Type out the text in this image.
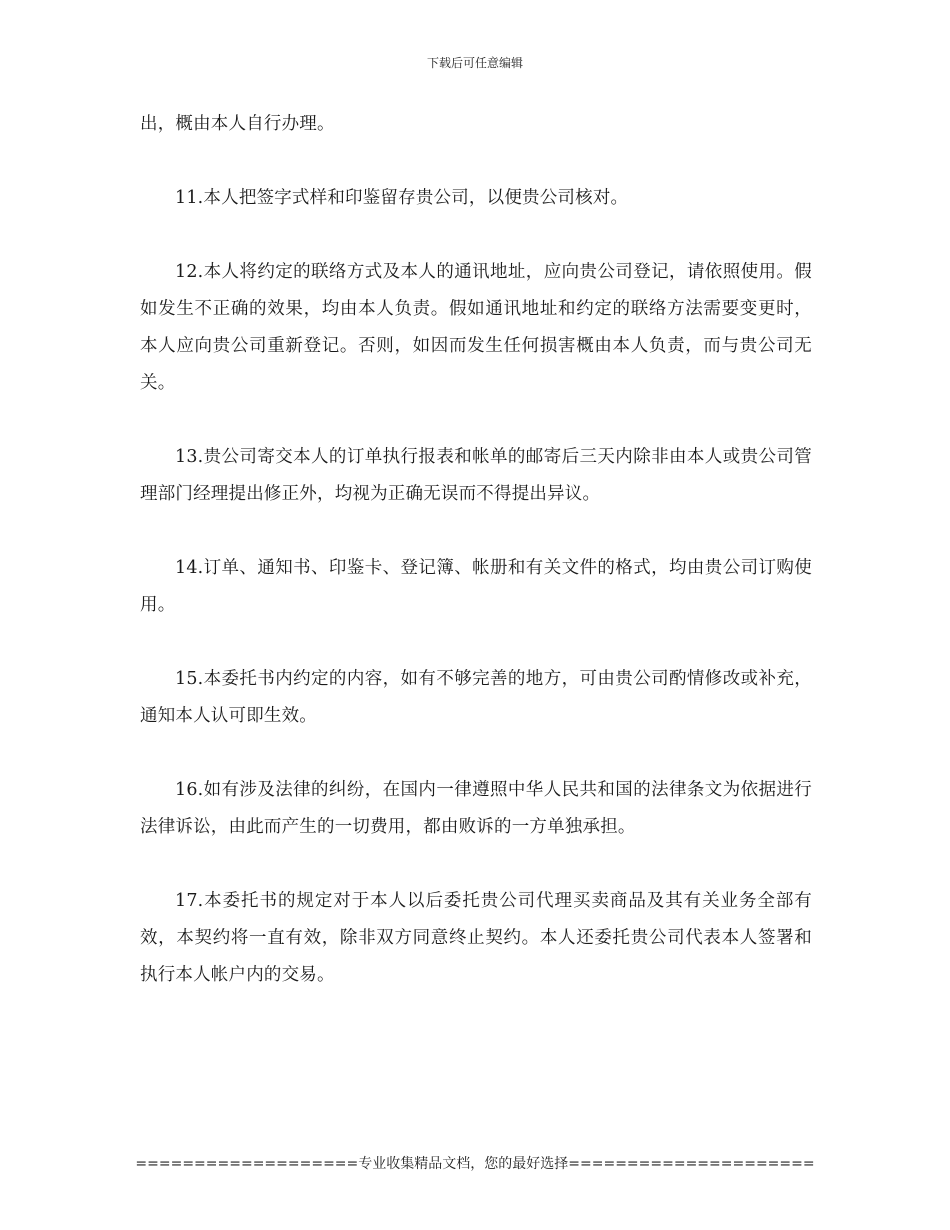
下载后可任意编辑

出，概由本人自行办理。

11.本人把签字式样和印鉴留存贵公司，以便贵公司核对。

12.本人将约定的联络方式及本人的通讯地址，应向贵公司登记，请依照使用。假如发生不正确的效果，均由本人负责。假如通讯地址和约定的联络方法需要变更时，本人应向贵公司重新登记。否则，如因而发生任何损害概由本人负责，而与贵公司无关。

13.贵公司寄交本人的订单执行报表和帐单的邮寄后三天内除非由本人或贵公司管理部门经理提出修正外，均视为正确无误而不得提出异议。

14.订单、通知书、印鉴卡、登记簿、帐册和有关文件的格式，均由贵公司订购使用。

15.本委托书内约定的内容，如有不够完善的地方，可由贵公司酌情修改或补充，通知本人认可即生效。

16.如有涉及法律的纠纷，在国内一律遵照中华人民共和国的法律条文为依据进行法律诉讼，由此而产生的一切费用，都由败诉的一方单独承担。

17.本委托书的规定对于本人以后委托贵公司代理买卖商品及其有关业务全部有效，本契约将一直有效，除非双方同意终止契约。本人还委托贵公司代表本人签署和执行本人帐户内的交易。

===================专业收集精品文档，您的最好选择=====================
